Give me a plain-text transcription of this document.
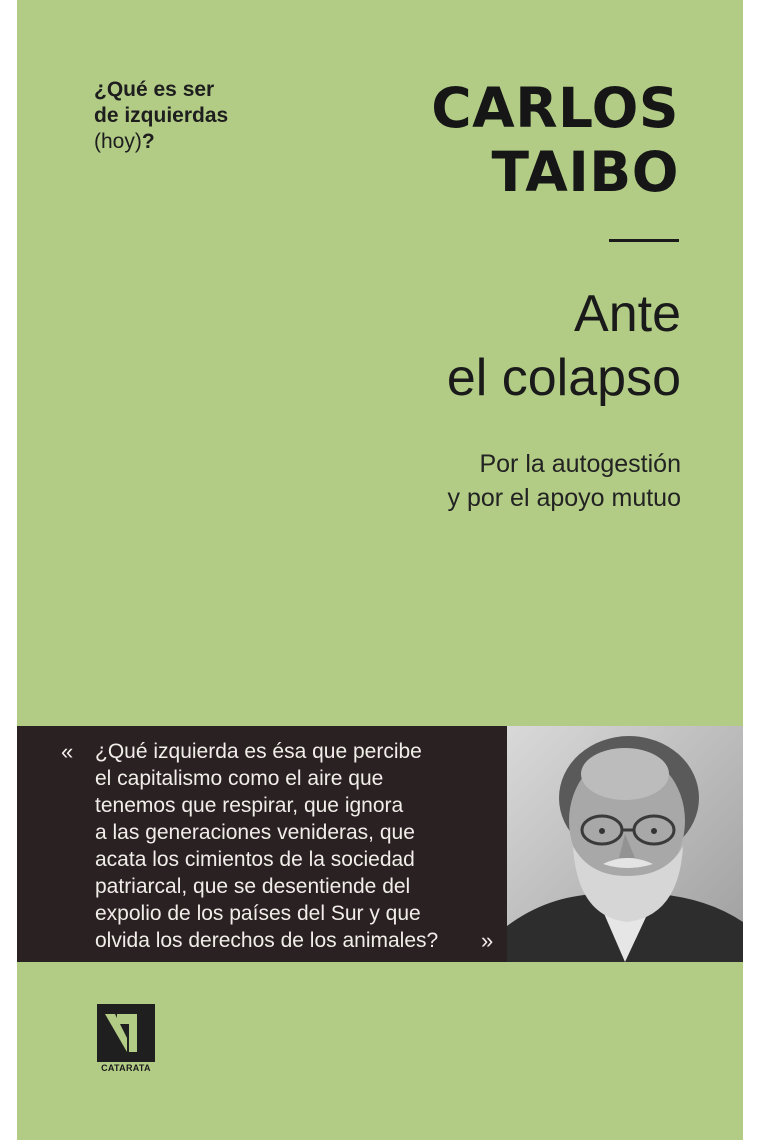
¿Qué es ser
de izquierdas
(hoy)?
CARLOS
TAIBO
Ante
el colapso
Por la autogestión
y por el apoyo mutuo
« ¿Qué izquierda es ésa que percibe
el capitalismo como el aire que
tenemos que respirar, que ignora
a las generaciones venideras, que
acata los cimientos de la sociedad
patriarcal, que se desentiende del
expolio de los países del Sur y que
olvida los derechos de los animales?	»
CATARATA
